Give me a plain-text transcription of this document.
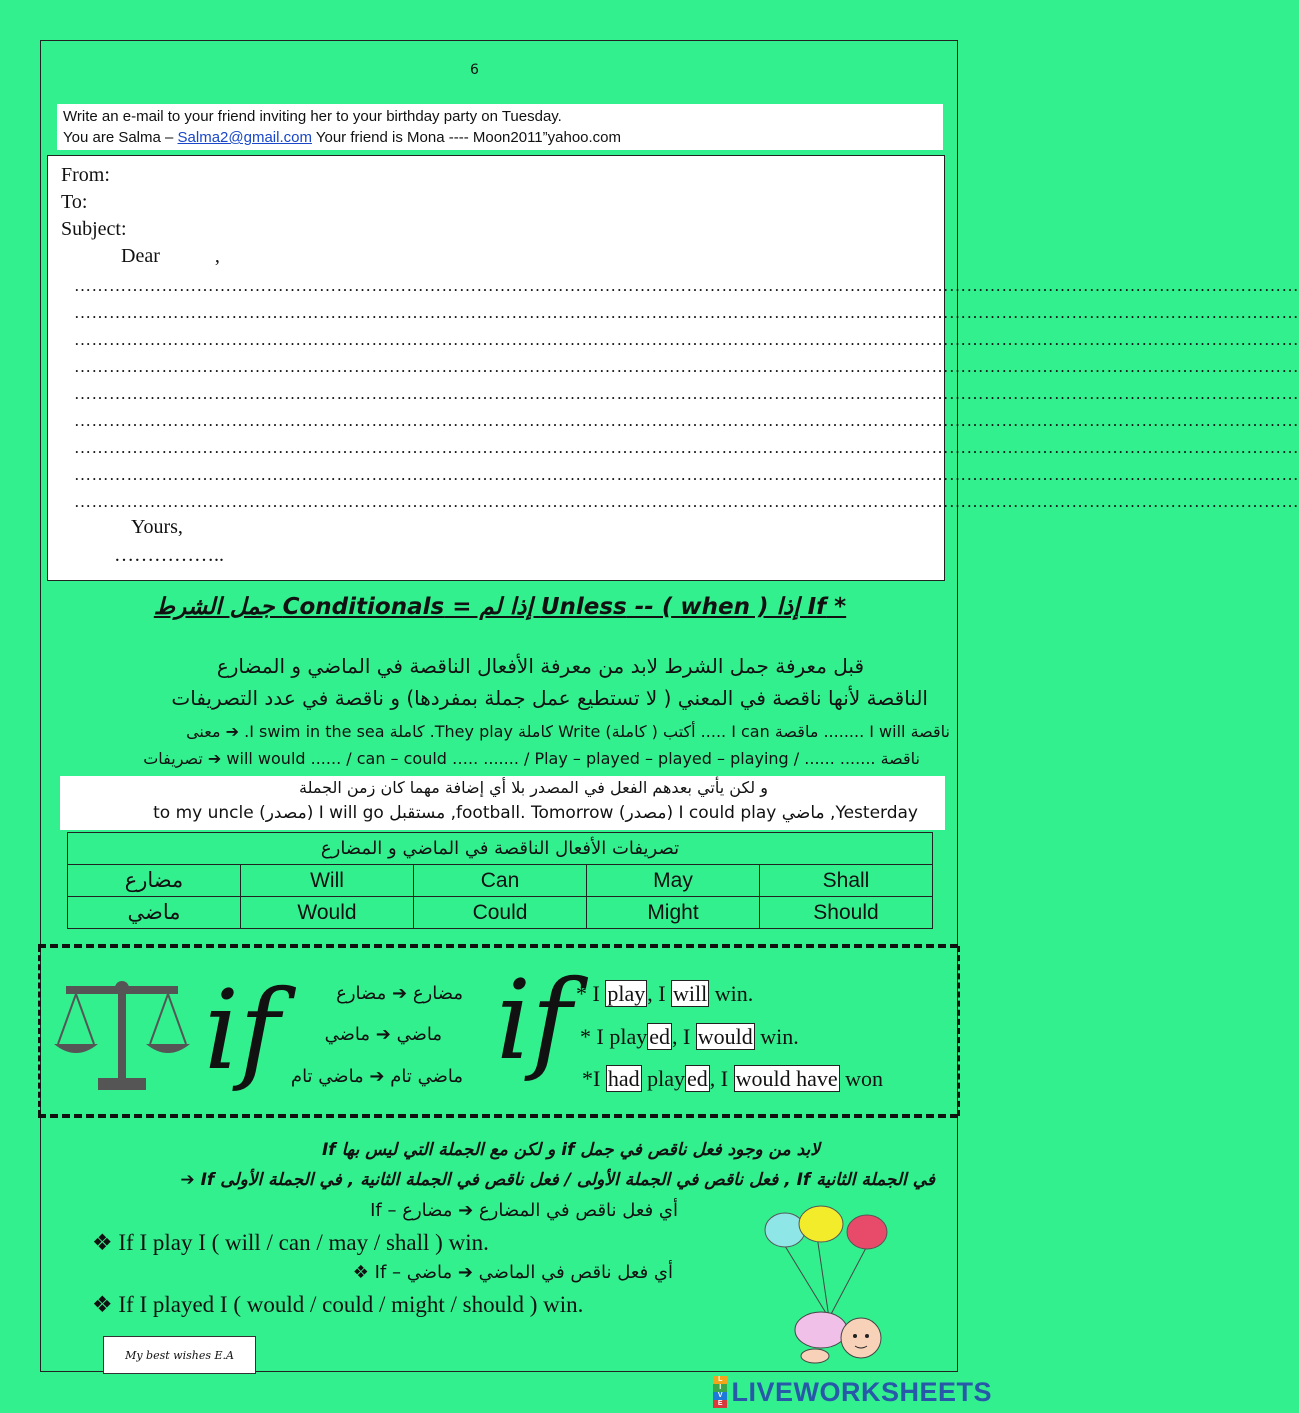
6
Write an e-mail to your friend inviting her to your birthday party on Tuesday.
You are Salma – Salma2@gmail.com Your friend is Mona ---- Moon2011”yahoo.com
From:
To:
Subject:
Dear           ,
…………………………………………………………………………………………………………………………………………………………………………………………
…………………………………………………………………………………………………………………………………………………………………………………………
…………………………………………………………………………………………………………………………………………………………………………………………
…………………………………………………………………………………………………………………………………………………………………………………………
…………………………………………………………………………………………………………………………………………………………………………………………
…………………………………………………………………………………………………………………………………………………………………………………………
…………………………………………………………………………………………………………………………………………………………………………………………
…………………………………………………………………………………………………………………………………………………………………………………………
…………………………………………………………………………………………………………………………………………………………………………………………
Yours,
……………..
* If إذا ( when ) -- Unless إذا لم = Conditionals جمل الشرط
قبل معرفة جمل الشرط لابد من معرفة الأفعال الناقصة في الماضي و المضارع
الناقصة لأنها ناقصة في المعني ( لا تستطيع عمل جملة بمفردها) و ناقصة في عدد التصريفات
ناقصة I will ........ ماقصة I can ..... أكتب ( كاملة) Write كاملة They play. كاملة I swim in the sea. ➔ معنى
ناقصة ....... ...... / will would ...... / can – could ….. ....... / Play – played – played – playing ➔ تصريفات
و لكن يأتي بعدهم الفعل في المصدر بلا أي إضافة مهما كان زمن الجملة
Yesterday, ماضي I could play (مصدر) football. Tomorrow, مستقبل I will go (مصدر) to my uncle
تصريفات الأفعال الناقصة في الماضي و المضارع				
مضارع	Will	Can	May	Shall
ماضي	Would	Could	Might	Should
if if
مضارع ➔ مضارع
ماضي ➔ ماضي
ماضي تام ➔ ماضي تام
* I play, I will win.
* I played, I would win.
*I had played, I would have won
لابد من وجود فعل ناقص في جمل if و لكن مع الجملة التي ليس بها If
في الجملة الثانية If , فعل ناقص في الجملة الأولى / فعل ناقص في الجملة الثانية , في الجملة الأولى If ➔
أي فعل ناقص في المضارع ➔ مضارع – If
❖ If I play I ( will / can / may / shall ) win.
أي فعل ناقص في الماضي ➔ ماضي – If ❖
❖ If I played I ( would / could / might / should ) win.
My best wishes E.A
L
I
V
E LIVEWORKSHEETS
